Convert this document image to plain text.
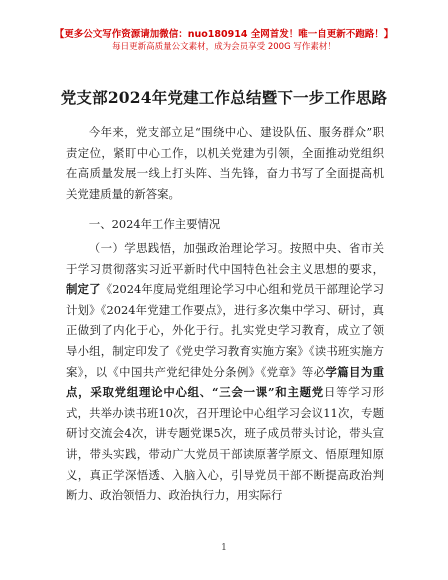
【更多公文写作资源请加微信：nuo180914 全网首发！唯一自更新不跑路！】
每日更新高质量公文素材，成为会员享受 200G 写作素材！
党支部2024年党建工作总结暨下一步工作思路

今年来，党支部立足“围绕中心、建设队伍、服务群众”职责定位，紧盯中心工作，以机关党建为引领，全面推动党组织在高质量发展一线上打头阵、当先锋，奋力书写了全面提高机关党建质量的新答案。

一、2024年工作主要情况

（一）学思践悟，加强政治理论学习。按照中央、省市关于学习贯彻落实习近平新时代中国特色社会主义思想的要求，制定了《2024年度局党组理论学习中心组和党员干部理论学习计划》《2024年党建工作要点》，进行多次集中学习、研讨，真正做到了内化于心，外化于行。扎实党史学习教育，成立了领导小组，制定印发了《党史学习教育实施方案》《读书班实施方案》，以《中国共产党纪律处分条例》《党章》等必学篇目为重点，采取党组理论中心组、“三会一课”和主题党日等学习形式，共举办读书班10次，召开理论中心组学习会议11次，专题研讨交流会4次，讲专题党课5次，班子成员带头讨论，带头宣讲，带头实践，带动广大党员干部读原著学原文、悟原理知原义，真正学深悟透、入脑入心，引导党员干部不断提高政治判断力、政治领悟力、政治执行力，用实际行

1
